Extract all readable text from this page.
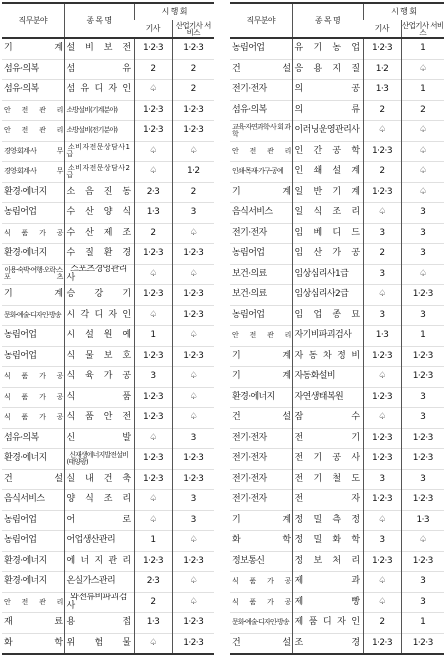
직무분야	종 목 명	시 행 회	
		기사	산업기사 서비스
기 계	설 비 보 전	1·2·3	1·2·3
섬유·의복	섬 유	2	2
섬유·의복	섬 유 디 자 인	♤	2
안 전 관 리	소방설비(기계분야)	1·2·3	1·2·3
안 전 관 리	소방설비(전기분야)	1·2·3	1·2·3
경영·회계·사 무	소 비 자 전 문 상 담 사 1 급	♤	♤
경영·회계·사 무	소 비 자 전 문 상 담 사 2 급	♤	1·2
환경·에너지	소 음 진 동	2·3	2
농림어업	수 산 양 식	1·3	3
식 품 가 공	수 산 제 조	2	♤
환경·에너지	수 질 환 경	1·2·3	1·2·3
이용·숙박·여행·오락·스 포 츠	스포츠경영관리사	♤	♤
기 계	승 강 기	1·2·3	1·2·3
문화·예술·디자인·방송	시 각 디 자 인	♤	1·2·3
농림어업	시 설 원 예	1	♤
농림어업	식 물 보 호	1·2·3	1·2·3
식 품 가 공	식 육 가 공	3	♤
식 품 가 공	식 품	1·2·3	♤
식 품 가 공	식 품 안 전	1·2·3	♤
섬유·의복	신 발	♤	3
환경·에너지	신재생에너지발전설비(태양광)	1·2·3	1·2·3
건 설	실 내 건 축	1·2·3	1·2·3
음식서비스	양 식 조 리	♤	3
농림어업	어 로	♤	3
농림어업	어업생산관리	1	♤
환경·에너지	에 너 지 관 리	1·2·3	1·2·3
환경·에너지	온실가스관리	2·3	♤
안 전 관 리	와전류비파괴검사	2	♤
재 료	용 접	1·3	1·2·3
화 학	위 험 물	♤	1·2·3
직무분야	종 목 명	시 행 회	
		기사	산업기사 서비스
농림어업	유 기 농 업	1·2·3	1
건 설	응 용 지 질	1·2	♤
전기·전자	의 공	1·3	1
섬유·의복	의 류	2	2
교육·자연과학·사 회 과 학	이러닝운영관리사	♤	♤
안 전 관 리	인 간 공 학	1·2·3	♤
인쇄·목재·가구·공예	인 쇄 설 계	2	♤
기 계	일 반 기 계	1·2·3	♤
음식서비스	일 식 조 리	♤	3
전기·전자	임 베 디 드	3	3
농림어업	임 산 가 공	2	3
보건·의료	임상심리사1급	3	♤
보건·의료	임상심리사2급	♤	1·2·3
농림어업	임 업 종 묘	3	3
안 전 관 리	자기비파괴검사	1·3	1
기 계	자 동 차 정 비	1·2·3	1·2·3
기 계	자동화설비	♤	1·2·3
환경·에너지	자연생태복원	1·2·3	3
건 설	잠 수	♤	3
전기·전자	전 기	1·2·3	1·2·3
전기·전자	전 기 공 사	1·2·3	1·2·3
전기·전자	전 기 철 도	3	3
전기·전자	전 자	1·2·3	1·2·3
기 계	정 밀 측 정	♤	1·3
화 학	정 밀 화 학	3	♤
정보통신	정 보 처 리	1·2·3	1·2·3
식 품 가 공	제 과	♤	3
식 품 가 공	제 빵	♤	3
문화·예술·디자인·방송	제 품 디 자 인	2	1
건 설	조 경	1·2·3	1·2·3
